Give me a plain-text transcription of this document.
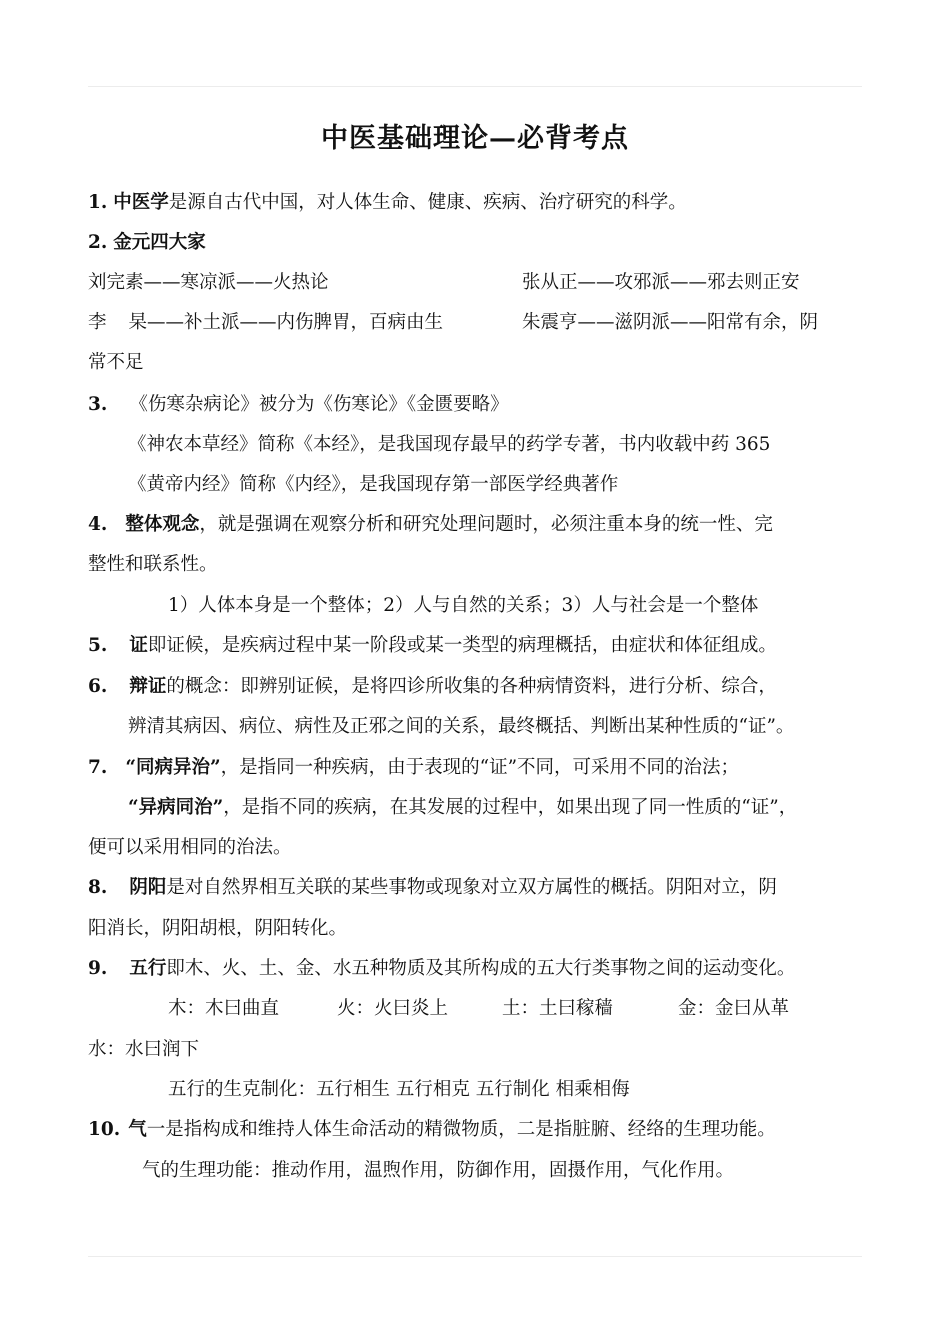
中医基础理论—必背考点
1. 中医学是源自古代中国，对人体生命、健康、疾病、治疗研究的科学。
2. 金元四大家
刘完素——寒凉派——火热论	张从正——攻邪派——邪去则正安
李 杲——补土派——内伤脾胃，百病由生	朱震亨——滋阴派——阳常有余，阴
常不足
3. 《伤寒杂病论》被分为《伤寒论》《金匮要略》
《神农本草经》简称《本经》，是我国现存最早的药学专著，书内收载中药 365
《黄帝内经》简称《内经》，是我国现存第一部医学经典著作
4. 整体观念，就是强调在观察分析和研究处理问题时，必须注重本身的统一性、完
整性和联系性。
1）人体本身是一个整体；2）人与自然的关系；3）人与社会是一个整体
5. 证即证候，是疾病过程中某一阶段或某一类型的病理概括，由症状和体征组成。
6. 辩证的概念：即辨别证候，是将四诊所收集的各种病情资料，进行分析、综合，
辨清其病因、病位、病性及正邪之间的关系，最终概括、判断出某种性质的“证”。
7. “同病异治”，是指同一种疾病，由于表现的“证”不同，可采用不同的治法；
“异病同治”，是指不同的疾病，在其发展的过程中，如果出现了同一性质的“证”，
便可以采用相同的治法。
8. 阴阳是对自然界相互关联的某些事物或现象对立双方属性的概括。阴阳对立，阴
阳消长，阴阳胡根，阴阳转化。
9. 五行即木、火、土、金、水五种物质及其所构成的五大行类事物之间的运动变化。
木：木曰曲直	火：火曰炎上	土：土曰稼穑	金：金曰从革
水：水曰润下
五行的生克制化：五行相生 五行相克 五行制化 相乘相侮
10. 气一是指构成和维持人体生命活动的精微物质，二是指脏腑、经络的生理功能。
气的生理功能：推动作用，温煦作用，防御作用，固摄作用，气化作用。
